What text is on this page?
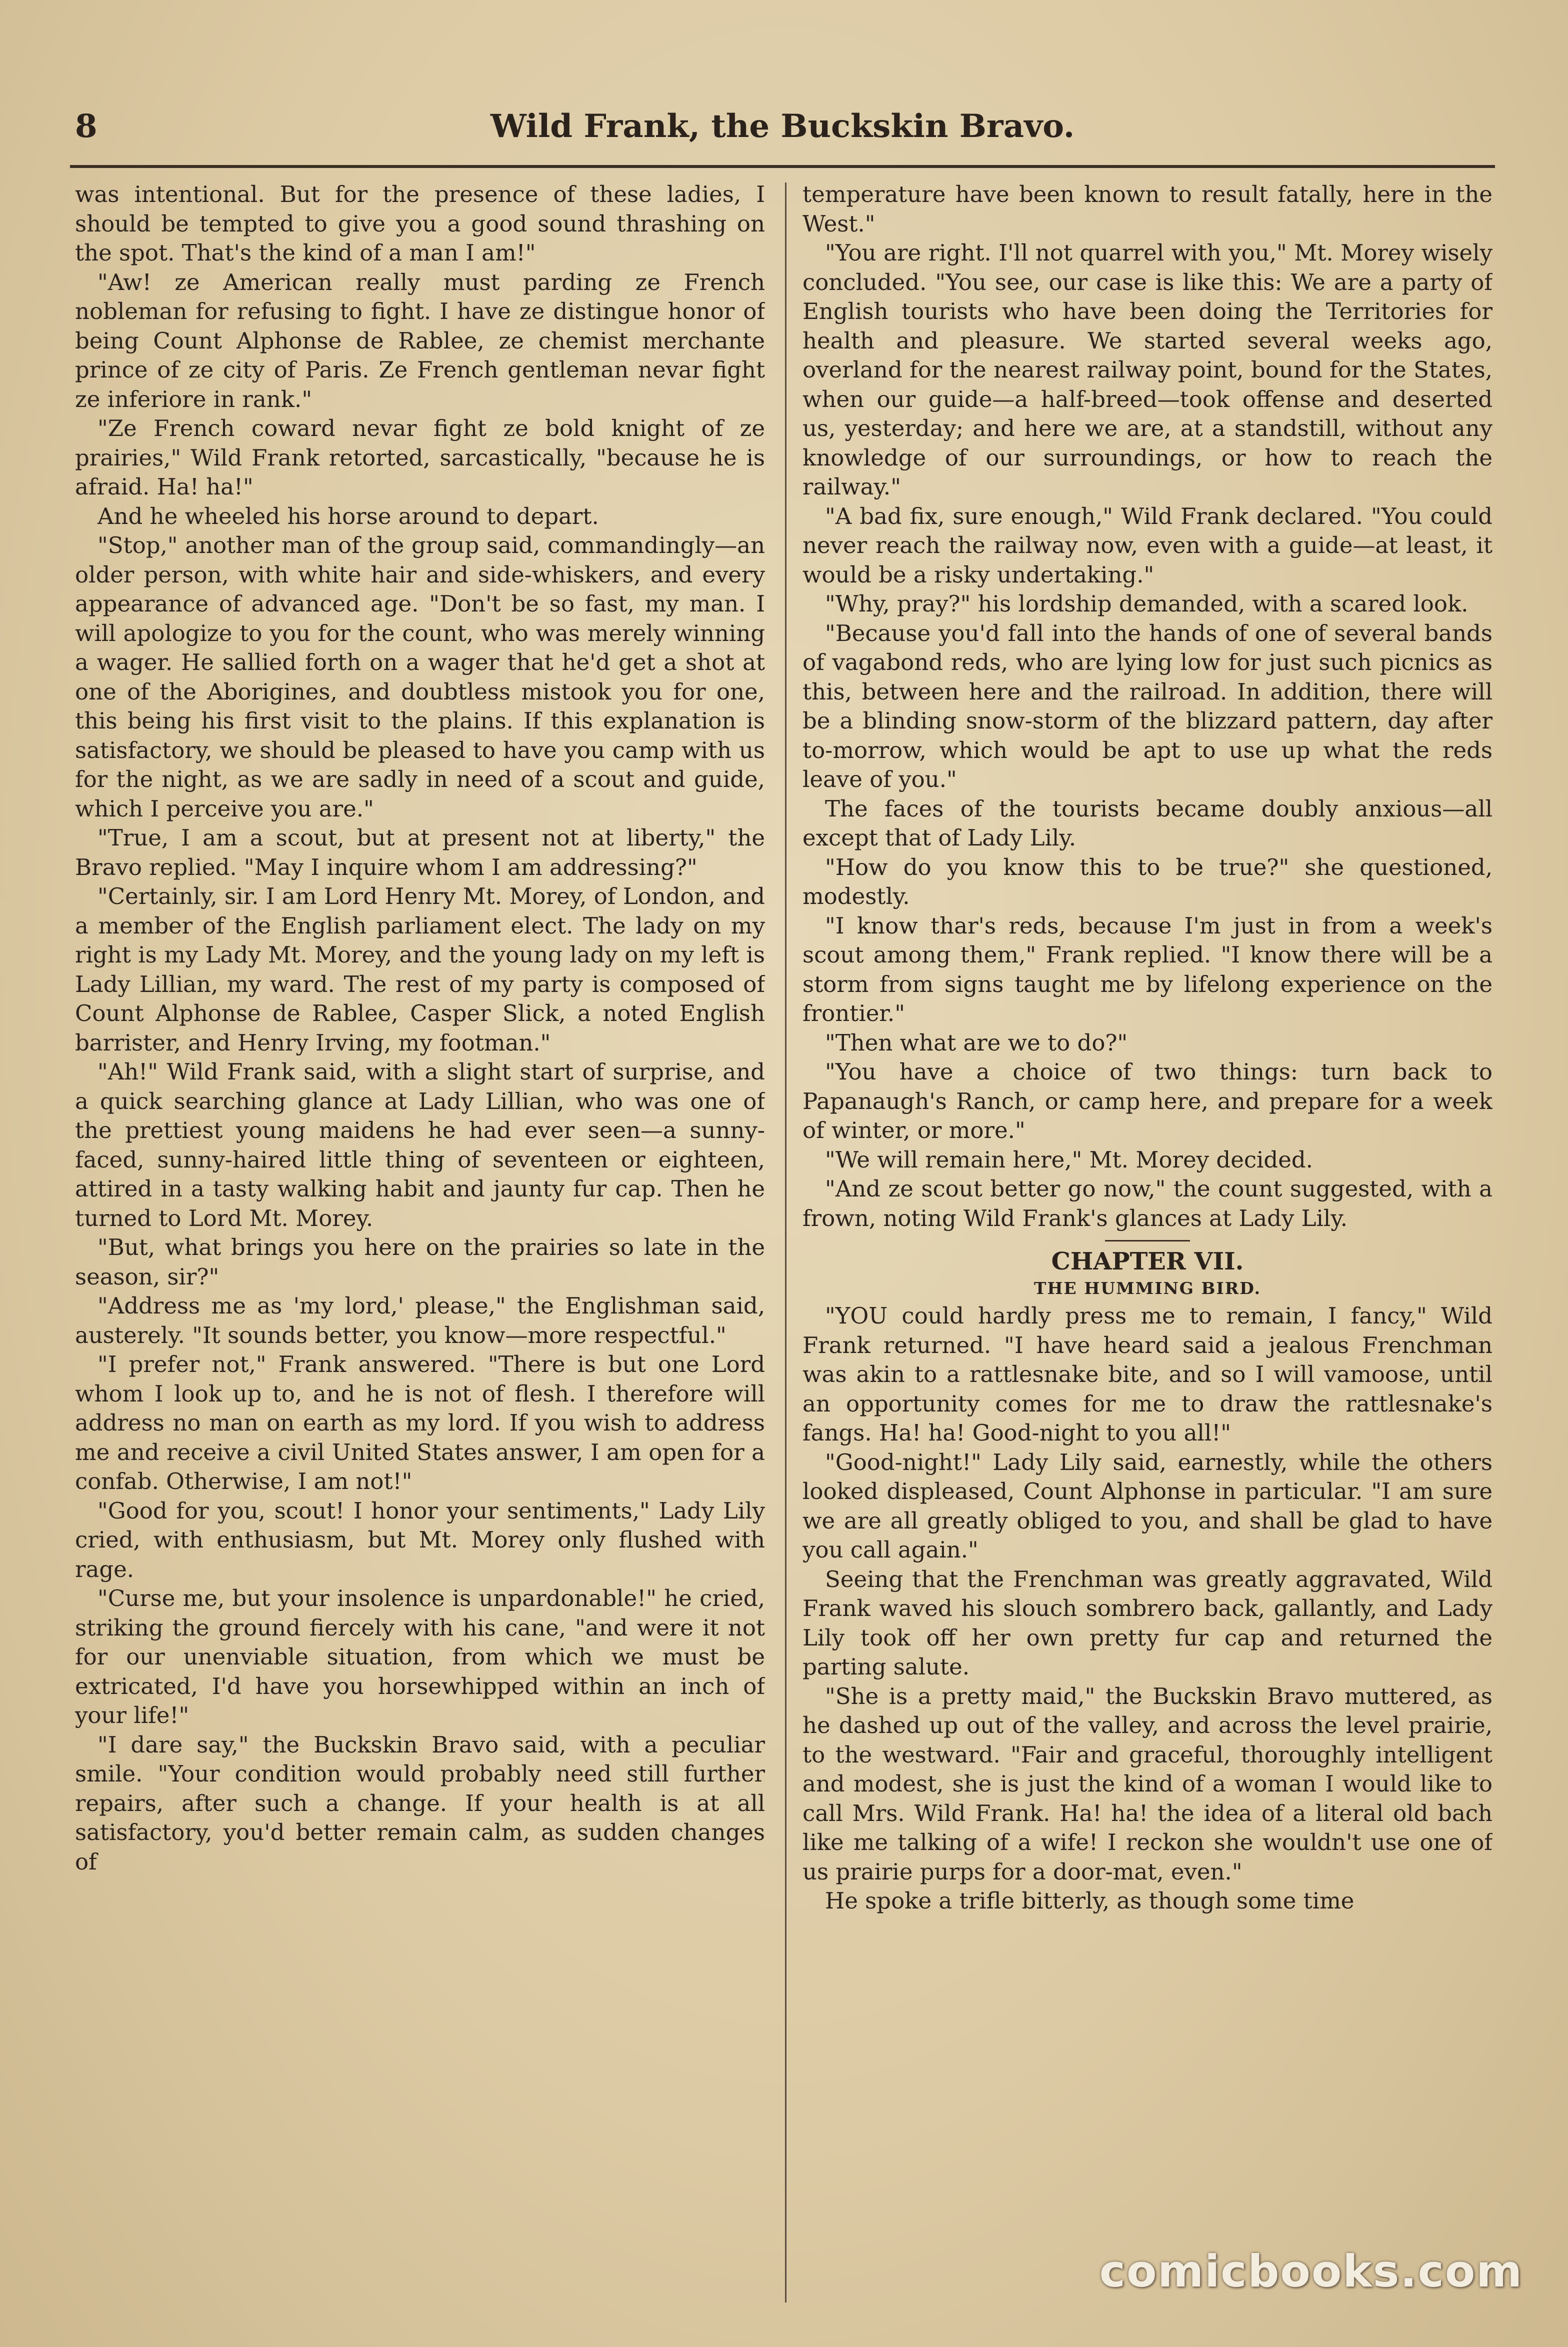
8	Wild Frank, the Buckskin Bravo.

was intentional. But for the presence of these ladies, I should be tempted to give you a good sound thrashing on the spot. That's the kind of a man I am!"

"Aw! ze American really must parding ze French nobleman for refusing to fight. I have ze distingue honor of being Count Alphonse de Rablee, ze chemist merchante prince of ze city of Paris. Ze French gentleman nevar fight ze inferiore in rank."

"Ze French coward nevar fight ze bold knight of ze prairies," Wild Frank retorted, sarcastically, "because he is afraid. Ha! ha!"

And he wheeled his horse around to depart.

"Stop," another man of the group said, commandingly—an older person, with white hair and side-whiskers, and every appearance of advanced age. "Don't be so fast, my man. I will apologize to you for the count, who was merely winning a wager. He sallied forth on a wager that he'd get a shot at one of the Aborigines, and doubtless mistook you for one, this being his first visit to the plains. If this explanation is satisfactory, we should be pleased to have you camp with us for the night, as we are sadly in need of a scout and guide, which I perceive you are."

"True, I am a scout, but at present not at liberty," the Bravo replied. "May I inquire whom I am addressing?"

"Certainly, sir. I am Lord Henry Mt. Morey, of London, and a member of the English parliament elect. The lady on my right is my Lady Mt. Morey, and the young lady on my left is Lady Lillian, my ward. The rest of my party is composed of Count Alphonse de Rablee, Casper Slick, a noted English barrister, and Henry Irving, my footman."

"Ah!" Wild Frank said, with a slight start of surprise, and a quick searching glance at Lady Lillian, who was one of the prettiest young maidens he had ever seen—a sunny-faced, sunny-haired little thing of seventeen or eighteen, attired in a tasty walking habit and jaunty fur cap. Then he turned to Lord Mt. Morey.

"But, what brings you here on the prairies so late in the season, sir?"

"Address me as 'my lord,' please," the Englishman said, austerely. "It sounds better, you know—more respectful."

"I prefer not," Frank answered. "There is but one Lord whom I look up to, and he is not of flesh. I therefore will address no man on earth as my lord. If you wish to address me and receive a civil United States answer, I am open for a confab. Otherwise, I am not!"

"Good for you, scout! I honor your sentiments," Lady Lily cried, with enthusiasm, but Mt. Morey only flushed with rage.

"Curse me, but your insolence is unpardonable!" he cried, striking the ground fiercely with his cane, "and were it not for our unenviable situation, from which we must be extricated, I'd have you horsewhipped within an inch of your life!"

"I dare say," the Buckskin Bravo said, with a peculiar smile. "Your condition would probably need still further repairs, after such a change. If your health is at all satisfactory, you'd better remain calm, as sudden changes of

temperature have been known to result fatally, here in the West."

"You are right. I'll not quarrel with you," Mt. Morey wisely concluded. "You see, our case is like this: We are a party of English tourists who have been doing the Territories for health and pleasure. We started several weeks ago, overland for the nearest railway point, bound for the States, when our guide—a half-breed—took offense and deserted us, yesterday; and here we are, at a standstill, without any knowledge of our surroundings, or how to reach the railway."

"A bad fix, sure enough," Wild Frank declared. "You could never reach the railway now, even with a guide—at least, it would be a risky undertaking."

"Why, pray?" his lordship demanded, with a scared look.

"Because you'd fall into the hands of one of several bands of vagabond reds, who are lying low for just such picnics as this, between here and the railroad. In addition, there will be a blinding snow-storm of the blizzard pattern, day after to-morrow, which would be apt to use up what the reds leave of you."

The faces of the tourists became doubly anxious—all except that of Lady Lily.

"How do you know this to be true?" she questioned, modestly.

"I know thar's reds, because I'm just in from a week's scout among them," Frank replied. "I know there will be a storm from signs taught me by lifelong experience on the frontier."

"Then what are we to do?"

"You have a choice of two things: turn back to Papanaugh's Ranch, or camp here, and prepare for a week of winter, or more."

"We will remain here," Mt. Morey decided.

"And ze scout better go now," the count suggested, with a frown, noting Wild Frank's glances at Lady Lily.

CHAPTER VII.
THE HUMMING BIRD.

"YOU could hardly press me to remain, I fancy," Wild Frank returned. "I have heard said a jealous Frenchman was akin to a rattlesnake bite, and so I will vamoose, until an opportunity comes for me to draw the rattlesnake's fangs. Ha! ha! Good-night to you all!"

"Good-night!" Lady Lily said, earnestly, while the others looked displeased, Count Alphonse in particular. "I am sure we are all greatly obliged to you, and shall be glad to have you call again."

Seeing that the Frenchman was greatly aggravated, Wild Frank waved his slouch sombrero back, gallantly, and Lady Lily took off her own pretty fur cap and returned the parting salute.

"She is a pretty maid," the Buckskin Bravo muttered, as he dashed up out of the valley, and across the level prairie, to the westward. "Fair and graceful, thoroughly intelligent and modest, she is just the kind of a woman I would like to call Mrs. Wild Frank. Ha! ha! the idea of a literal old bach like me talking of a wife! I reckon she wouldn't use one of us prairie purps for a door-mat, even."

He spoke a trifle bitterly, as though some time

comicbooks.com
